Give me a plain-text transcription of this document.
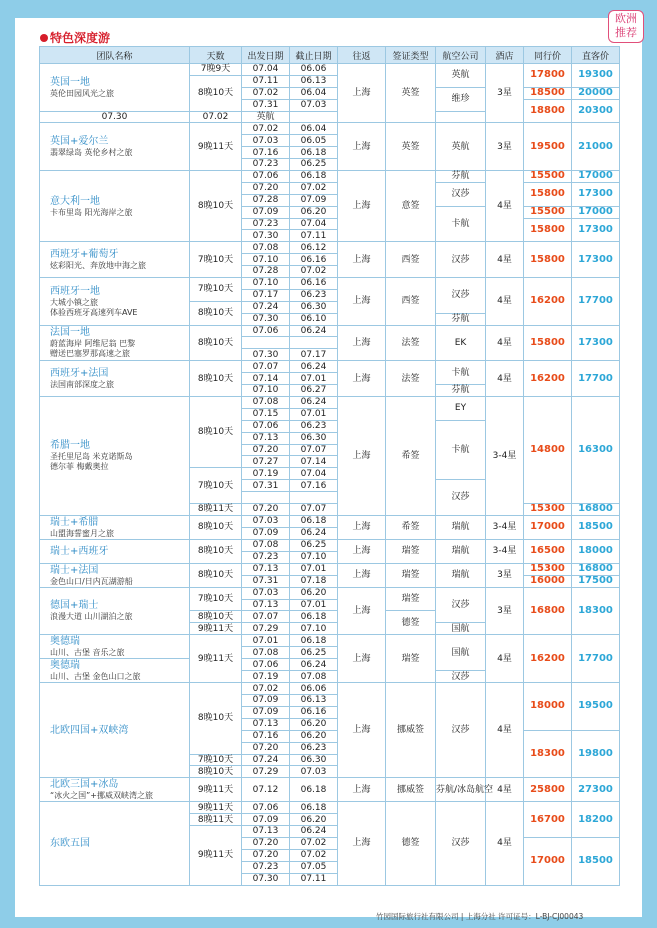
欧洲
推荐
特色深度游
团队名称	天数	出发日期	截止日期	往返	签证类型	航空公司	酒店	同行价	直客价

英国一地
英伦田园风光之旅	7晚9天	07.04	06.06	上海	英签	英航	3星	17800	19300
	8晚10天	07.11	06.13						
		07.02	06.04			维珍		18500	20000
		07.31	07.03					18800	20300
07.30	07.02	英航							

英国+爱尔兰
翡翠绿岛 英伦乡村之旅	9晚11天	07.02	06.04	上海	英签	英航	3星	19500	21000
		07.03	06.05						
		07.16	06.18						
		07.23	06.25						

意大利一地
卡布里岛 阳光海岸之旅	8晚10天	07.06	06.18	上海	意签	芬航	4星	15500	17000
		07.20	07.02			汉莎		15800	17300
		07.28	07.09						
		07.09	06.20			卡航		15500	17000
		07.23	07.04					15800	17300
		07.30	07.11						

西班牙+葡萄牙
炫彩阳光、奔放地中海之旅	7晚10天	07.08	06.12	上海	西签	汉莎	4星	15800	17300
		07.10	06.16						
		07.28	07.02						

西班牙一地
大城小镇之旅
体验西班牙高速列车AVE	7晚10天	07.10	06.16	上海	西签	汉莎	4星	16200	17700
		07.17	06.23						
	8晚10天	07.24	06.30						
		07.30	06.10			芬航			

法国一地
蔚蓝海岸 阿维尼翁 巴黎
赠送巴塞罗那高速之旅	8晚10天	07.06	06.24	上海	法签	EK	4星	15800	17300

		07.30	07.17						

西班牙+法国
法国南部深度之旅	8晚10天	07.07	06.24	上海	法签	卡航	4星	16200	17700
		07.14	07.01						
		07.10	06.27			芬航			

希腊一地
圣托里尼岛 米克诺斯岛
德尔菲 梅戴奥拉	8晚10天	07.08	06.24	上海	希签	EY	3-4星	14800	16300
		07.15	07.01						
		07.06	06.23			卡航			
		07.13	06.30						
		07.20	07.07						
		07.27	07.14						
	7晚10天	07.19	07.04						
		07.31	07.16			汉莎			

	8晚11天	07.20	07.07					15300	16800

瑞士+希腊
山盟海誓蜜月之旅	8晚10天	07.03	06.18	上海	希签	瑞航	3-4星	17000	18500
		07.09	06.24						

瑞士+西班牙	8晚10天	07.08	06.25	上海	瑞签	瑞航	3-4星	16500	18000
		07.23	07.10						

瑞士+法国
金色山口/日内瓦湖游船	8晚10天	07.13	07.01	上海	瑞签	瑞航	3星	15300	16800
		07.31	07.18					16000	17500

德国+瑞士
浪漫大道 山川湖泊之旅	7晚10天	07.03	06.20	上海	瑞签	汉莎	3星	16800	18300
		07.13	07.01						
	8晚10天	07.07	06.18		德签				
	9晚11天	07.29	07.10			国航			

奥德瑞
山川、古堡 音乐之旅	9晚11天	07.01	06.18	上海	瑞签	国航	4星	16200	17700
		07.08	06.25						

奥德瑞
山川、古堡 金色山口之旅		07.06	06.24						
		07.19	07.08			汉莎			

北欧四国+双峡湾	8晚10天	07.02	06.06	上海	挪威签	汉莎	4星	18000	19500
		07.09	06.13						
		07.09	06.16						
		07.13	06.20						
		07.16	06.20					18300	19800
		07.20	06.23						
	7晚10天	07.24	06.30						
	8晚10天	07.29	07.03						

北欧三国+冰岛
“冰火之国”+挪威双峡湾之旅	9晚11天	07.12	06.18	上海	挪威签	芬航/冰岛航空	4星	25800	27300

东欧五国	9晚11天	07.06	06.18	上海	德签	汉莎	4星	16700	18200
	8晚11天	07.09	06.20						
	9晚11天	07.13	06.24						
		07.20	07.02					17000	18500
		07.20	07.02						
		07.23	07.05						
		07.30	07.11						
竹园国际旅行社有限公司 | 上海分社 许可证号：L-BJ-CJ00043
